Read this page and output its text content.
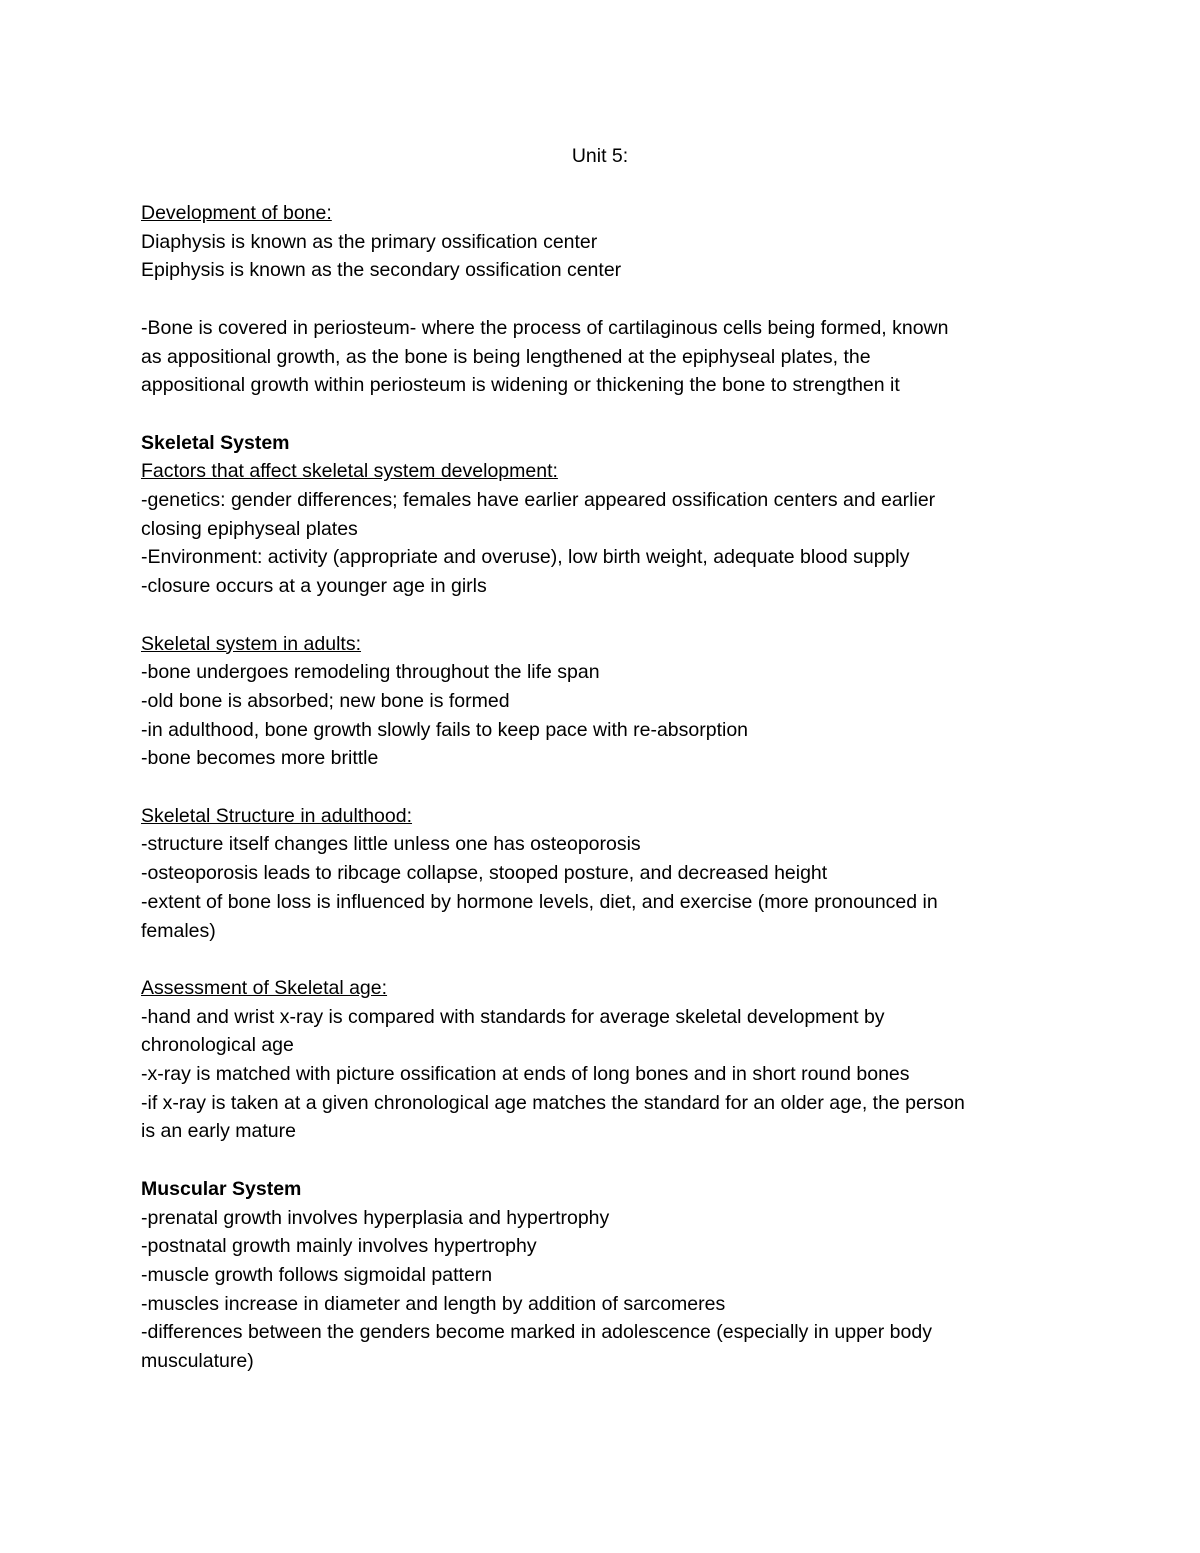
Unit 5:
Development of bone:
Diaphysis is known as the primary ossification center
Epiphysis is known as the secondary ossification center
-Bone is covered in periosteum- where the process of cartilaginous cells being formed, known
as appositional growth, as the bone is being lengthened at the epiphyseal plates, the
appositional growth within periosteum is widening or thickening the bone to strengthen it
Skeletal System
Factors that affect skeletal system development:
-genetics: gender differences; females have earlier appeared ossification centers and earlier
closing epiphyseal plates
-Environment: activity (appropriate and overuse), low birth weight, adequate blood supply
-closure occurs at a younger age in girls
Skeletal system in adults:
-bone undergoes remodeling throughout the life span
-old bone is absorbed; new bone is formed
-in adulthood, bone growth slowly fails to keep pace with re-absorption
-bone becomes more brittle
Skeletal Structure in adulthood:
-structure itself changes little unless one has osteoporosis
-osteoporosis leads to ribcage collapse, stooped posture, and decreased height
-extent of bone loss is influenced by hormone levels, diet, and exercise (more pronounced in
females)
Assessment of Skeletal age:
-hand and wrist x-ray is compared with standards for average skeletal development by
chronological age
-x-ray is matched with picture ossification at ends of long bones and in short round bones
-if x-ray is taken at a given chronological age matches the standard for an older age, the person
is an early mature
Muscular System
-prenatal growth involves hyperplasia and hypertrophy
-postnatal growth mainly involves hypertrophy
-muscle growth follows sigmoidal pattern
-muscles increase in diameter and length by addition of sarcomeres
-differences between the genders become marked in adolescence (especially in upper body
musculature)
